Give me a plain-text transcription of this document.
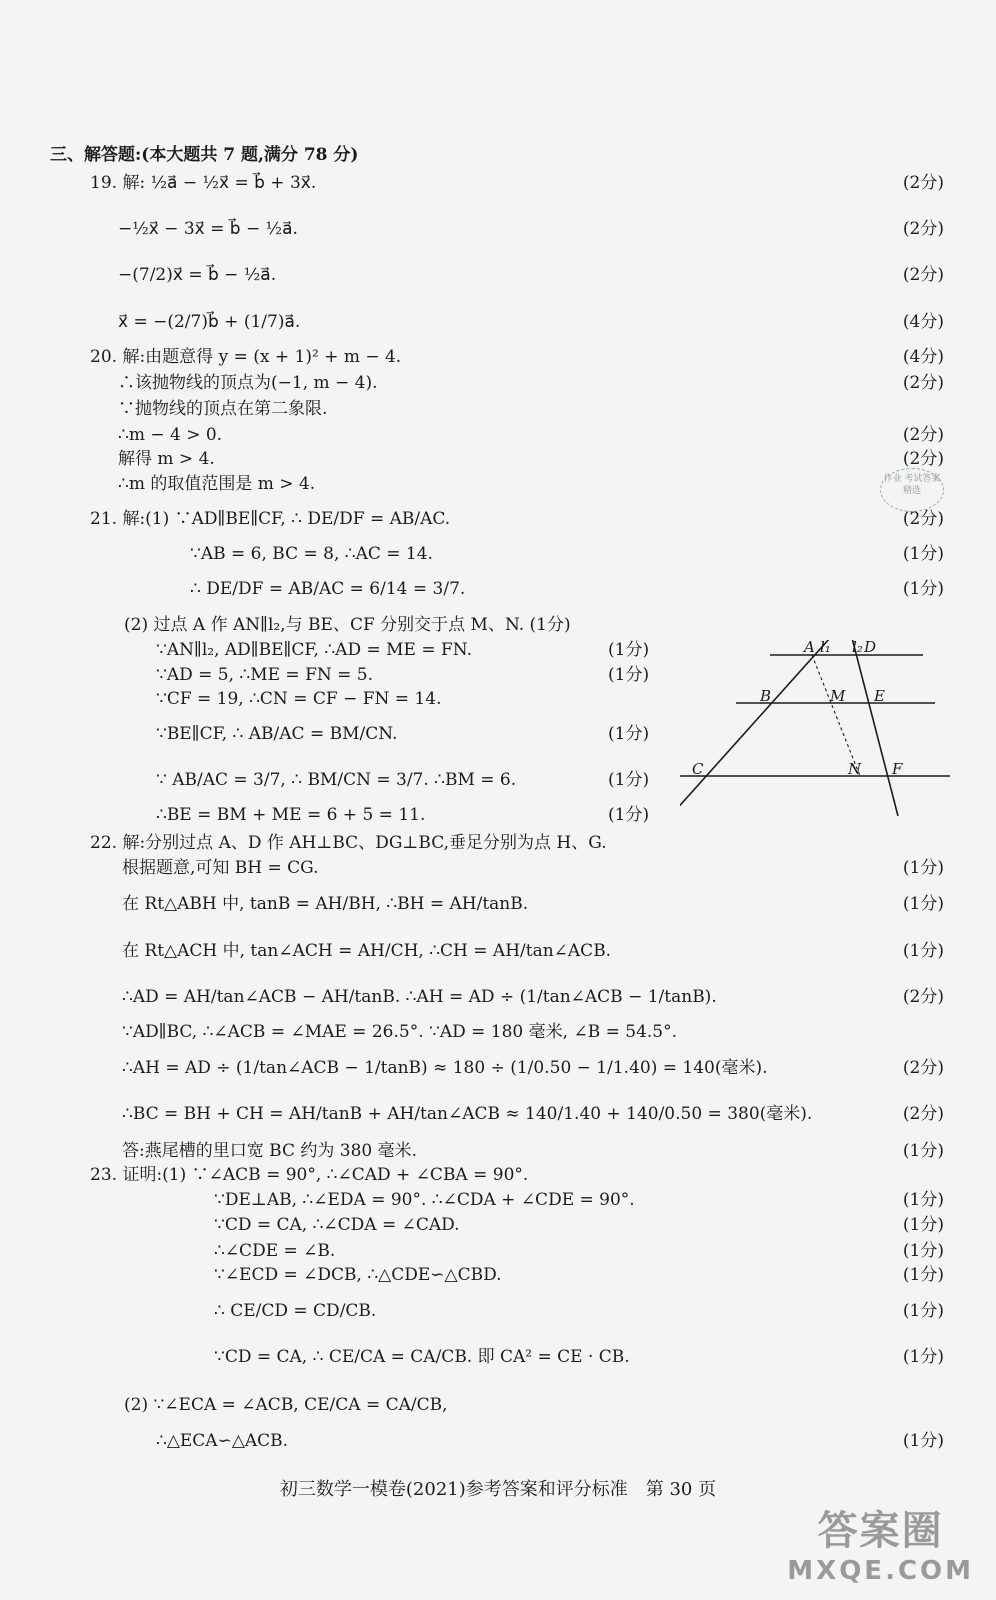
三、解答题:(本大题共 7 题,满分 78 分)
19. 解: ½a⃗ − ½x⃗ = b⃗ + 3x⃗.	(2分)
−½x⃗ − 3x⃗ = b⃗ − ½a⃗.	(2分)
−(7/2)x⃗ = b⃗ − ½a⃗.	(2分)
x⃗ = −(2/7)b⃗ + (1/7)a⃗.	(4分)
20. 解:由题意得 y = (x + 1)² + m − 4.	(4分)
∴该抛物线的顶点为(−1, m − 4).	(2分)
∵抛物线的顶点在第二象限.
∴m − 4 > 0.	(2分)
解得 m > 4.	(2分)
∴m 的取值范围是 m > 4.	作业 考试答案 精选
21. 解:(1) ∵AD∥BE∥CF, ∴ DE/DF = AB/AC.	(2分)
∵AB = 6, BC = 8, ∴AC = 14.	(1分)
∴ DE/DF = AB/AC = 6/14 = 3/7.	(1分)
(2) 过点 A 作 AN∥l₂,与 BE、CF 分别交于点 M、N. (1分)
∵AN∥l₂, AD∥BE∥CF, ∴AD = ME = FN.	(1分)
∵AD = 5, ∴ME = FN = 5.	(1分)
∵CF = 19, ∴CN = CF − FN = 14.
∵BE∥CF, ∴ AB/AC = BM/CN.	(1分)
∵ AB/AC = 3/7, ∴ BM/CN = 3/7. ∴BM = 6.	(1分)
∴BE = BM + ME = 6 + 5 = 11.	(1分)
l₁ l₂
A	D
B	M E
C	N F
22. 解:分别过点 A、D 作 AH⊥BC、DG⊥BC,垂足分别为点 H、G.
根据题意,可知 BH = CG.	(1分)
在 Rt△ABH 中, tanB = AH/BH, ∴BH = AH/tanB.	(1分)
在 Rt△ACH 中, tan∠ACH = AH/CH, ∴CH = AH/tan∠ACB.	(1分)
∴AD = AH/tan∠ACB − AH/tanB. ∴AH = AD ÷ (1/tan∠ACB − 1/tanB).	(2分)
∵AD∥BC, ∴∠ACB = ∠MAE = 26.5°. ∵AD = 180 毫米, ∠B = 54.5°.
∴AH = AD ÷ (1/tan∠ACB − 1/tanB) ≈ 180 ÷ (1/0.50 − 1/1.40) = 140(毫米).	(2分)
∴BC = BH + CH = AH/tanB + AH/tan∠ACB ≈ 140/1.40 + 140/0.50 = 380(毫米).	(2分)
答:燕尾槽的里口宽 BC 约为 380 毫米.	(1分)
23. 证明:(1) ∵∠ACB = 90°, ∴∠CAD + ∠CBA = 90°.
∵DE⊥AB, ∴∠EDA = 90°. ∴∠CDA + ∠CDE = 90°.	(1分)
∵CD = CA, ∴∠CDA = ∠CAD.	(1分)
∴∠CDE = ∠B.	(1分)
∵∠ECD = ∠DCB, ∴△CDE∽△CBD.	(1分)
∴ CE/CD = CD/CB.	(1分)
∵CD = CA, ∴ CE/CA = CA/CB. 即 CA² = CE · CB.	(1分)
(2) ∵∠ECA = ∠ACB, CE/CA = CA/CB,
∴△ECA∽△ACB.	(1分)
初三数学一模卷(2021)参考答案和评分标准　第 30 页
答案圈
MXQE.COM
